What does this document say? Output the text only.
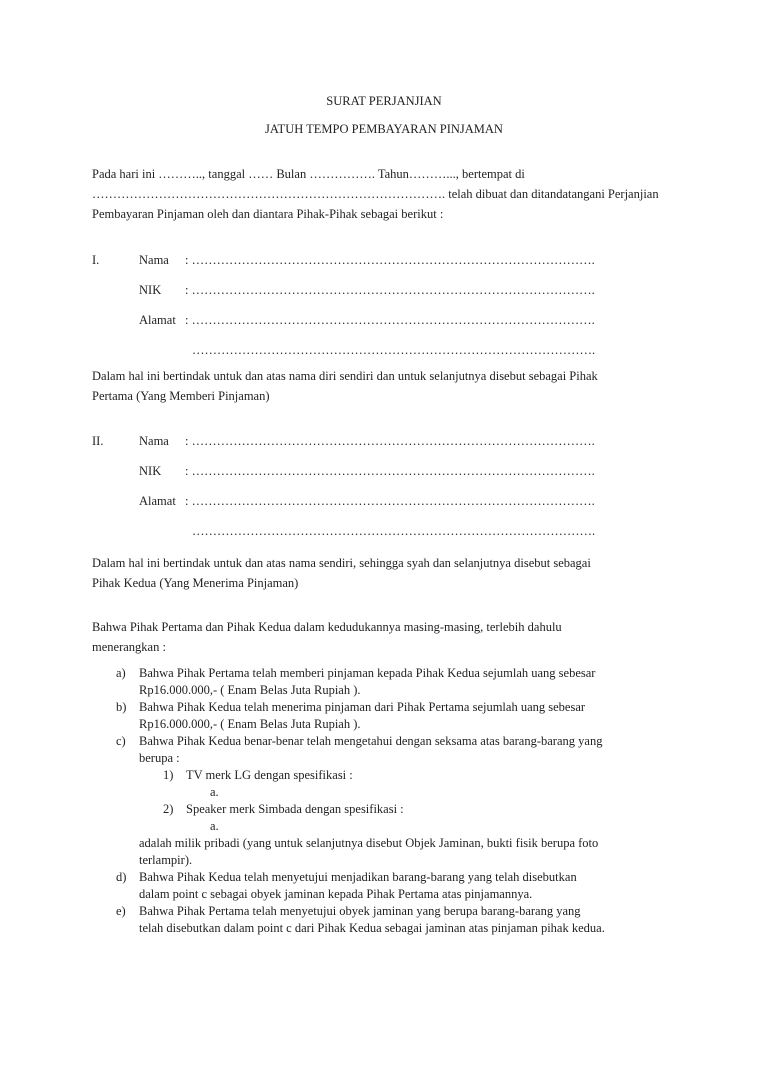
SURAT PERJANJIAN
JATUH TEMPO PEMBAYARAN PINJAMAN
Pada hari ini ……….., tanggal …… Bulan ……………. Tahun………..., bertempat di
…………………………………………………………………………. telah dibuat dan ditandatangani Perjanjian
Pembayaran Pinjaman oleh dan diantara Pihak-Pihak sebagai berikut :
I.	Nama : …………………………………………………………………………………….
NIK : …………………………………………………………………………………….
Alamat : …………………………………………………………………………………….
…………………………………………………………………………………….
Dalam hal ini bertindak untuk dan atas nama diri sendiri dan untuk selanjutnya disebut sebagai Pihak
Pertama (Yang Memberi Pinjaman)
II.	Nama : …………………………………………………………………………………….
NIK : …………………………………………………………………………………….
Alamat : …………………………………………………………………………………….
…………………………………………………………………………………….
Dalam hal ini bertindak untuk dan atas nama sendiri, sehingga syah dan selanjutnya disebut sebagai
Pihak Kedua (Yang Menerima Pinjaman)
Bahwa Pihak Pertama dan Pihak Kedua dalam kedudukannya masing-masing, terlebih dahulu
menerangkan :
a) Bahwa Pihak Pertama telah memberi pinjaman kepada Pihak Kedua sejumlah uang sebesar
Rp16.000.000,- ( Enam Belas Juta Rupiah ).
b) Bahwa Pihak Kedua telah menerima pinjaman dari Pihak Pertama sejumlah uang sebesar
Rp16.000.000,- ( Enam Belas Juta Rupiah ).
c) Bahwa Pihak Kedua benar-benar telah mengetahui dengan seksama atas barang-barang yang
berupa :
1) TV merk LG dengan spesifikasi :
a.
2) Speaker merk Simbada dengan spesifikasi :
a.
adalah milik pribadi (yang untuk selanjutnya disebut Objek Jaminan, bukti fisik berupa foto
terlampir).
d) Bahwa Pihak Kedua telah menyetujui menjadikan barang-barang yang telah disebutkan
dalam point c sebagai obyek jaminan kepada Pihak Pertama atas pinjamannya.
e) Bahwa Pihak Pertama telah menyetujui obyek jaminan yang berupa barang-barang yang
telah disebutkan dalam point c dari Pihak Kedua sebagai jaminan atas pinjaman pihak kedua.
